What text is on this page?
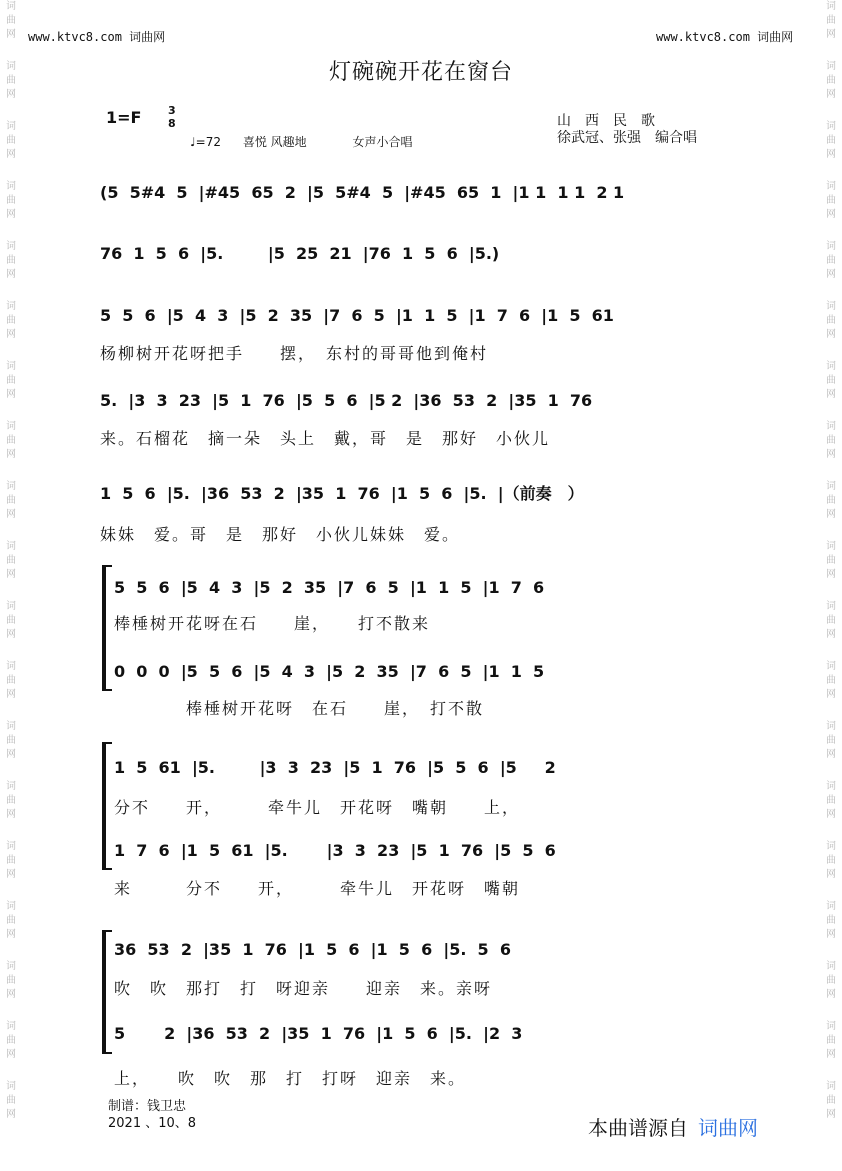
词
曲
网
词
曲
网
词
曲
网
词
曲
网
词
曲
网
词
曲
网
词
曲
网
词
曲
网
词
曲
网
词
曲
网
词
曲
网
词
曲
网
词
曲
网
词
曲
网
词
曲
网
词
曲
网
词
曲
网
词
曲
网
词
曲
网
词
曲
网
词
曲
网
词
曲
网
词
曲
网
词
曲
网
词
曲
网
词
曲
网
词
曲
网
词
曲
网
词
曲
网
词
曲
网
词
曲
网
词
曲
网
词
曲
网
词
曲
网
词
曲
网
词
曲
网
词
曲
网
词
曲
网
www.ktvc8.com 词曲网	www.ktvc8.com 词曲网
灯碗碗开花在窗台
1=F 3
8
♩=72 喜悦 风趣地	女声小合唱
山　西　民　歌
徐武冠、张强　编合唱
(5  5#4  5  |#45  65  2  |5  5#4  5  |#45  65  1  |1 1  1 1  2 1
76  1  5  6  |5.        |5  25  21  |76  1  5  6  |5.)
5  5  6  |5  4  3  |5  2  35  |7  6  5  |1  1  5  |1  7  6  |1  5  61
杨柳树开花呀把手　　摆，　东村的哥哥他到俺村
5.  |3  3  23  |5  1  76  |5  5  6  |5 2  |36  53  2  |35  1  76
来。石榴花　摘一朵　头上　戴，哥　是　那好　小伙儿
1  5  6  |5.  |36  53  2  |35  1  76  |1  5  6  |5.  |（前奏　）
妹妹　爱。哥　是　那好　小伙儿妹妹　爱。
5  5  6  |5  4  3  |5  2  35  |7  6  5  |1  1  5  |1  7  6
棒棰树开花呀在石　　崖，　　打不散来
0  0  0  |5  5  6  |5  4  3  |5  2  35  |7  6  5  |1  1  5
　　　　棒棰树开花呀　在石　　崖，　打不散
1  5  61  |5.        |3  3  23  |5  1  76  |5  5  6  |5     2
分不　　开，　　　牵牛儿　开花呀　嘴朝　　上，
1  7  6  |1  5  61  |5.       |3  3  23  |5  1  76  |5  5  6
来　　　分不　　开，　　　牵牛儿　开花呀　嘴朝
36  53  2  |35  1  76  |1  5  6  |1  5  6  |5.  5  6
吹　吹　那打　打　呀迎亲　　迎亲　来。亲呀
5       2  |36  53  2  |35  1  76  |1  5  6  |5.  |2  3
上，　　吹　吹　那　打　打呀　迎亲　来。
制谱：钱卫忠
2021 、10、8	本曲谱源自 词曲网
